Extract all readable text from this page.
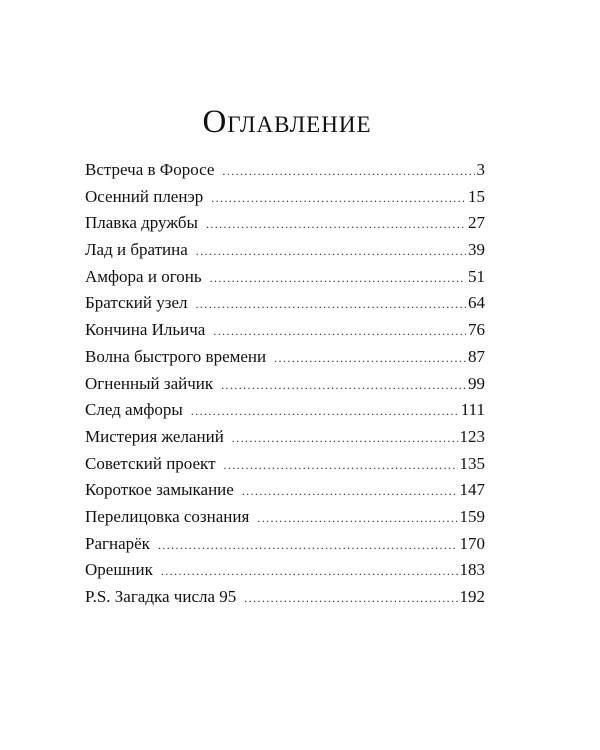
Оглавление
Встреча в Форосе .....	3
Осенний пленэр .....	15
Плавка дружбы .....	27
Лад и братина .....	39
Амфора и огонь .....	51
Братский узел .....	64
Кончина Ильича .....	76
Волна быстрого времени .....	87
Огненный зайчик .....	99
След амфоры .....	111
Мистерия желаний .....	123
Советский проект .....	135
Короткое замыкание .....	147
Перелицовка сознания .....	159
Рагнарёк .....	170
Орешник .....	183
P.S. Загадка числа 95 .....	192
